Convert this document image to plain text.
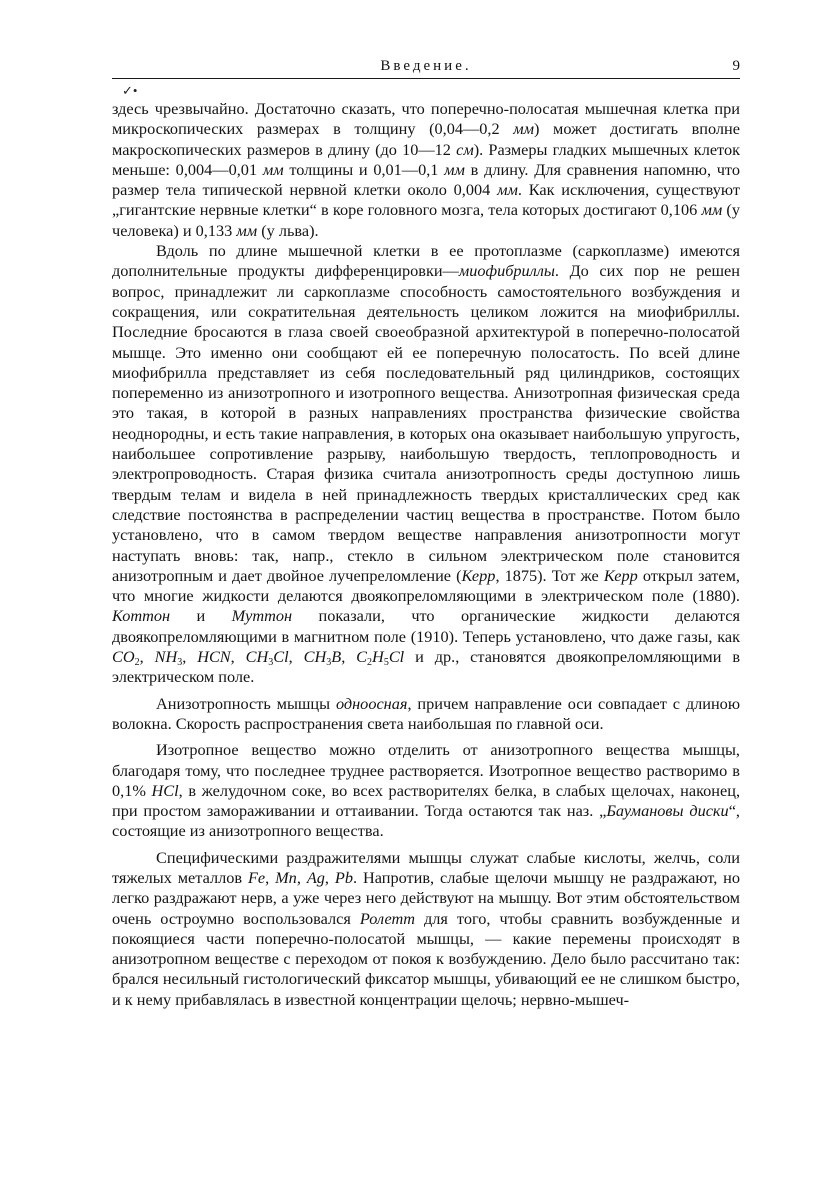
Введение.	9

здесь чрезвычайно. Достаточно сказать, что поперечно-полосатая мышечная клетка при микроскопических размерах в толщину (0,04—0,2 мм) может достигать вполне макроскопических размеров в длину (до 10—12 см). Размеры гладких мышечных клеток меньше: 0,004—0,01 мм толщины и 0,01—0,1 мм в длину. Для сравнения напомню, что размер тела типической нервной клетки около 0,004 мм. Как исключения, существуют „гигантские нервные клетки“ в коре головного мозга, тела которых достигают 0,106 мм (у человека) и 0,133 мм (у льва).

Вдоль по длине мышечной клетки в ее протоплазме (саркоплазме) имеются дополнительные продукты дифференцировки—миофибриллы. До сих пор не решен вопрос, принадлежит ли саркоплазме способность самостоятельного возбуждения и сокращения, или сократительная деятельность целиком ложится на миофибриллы. Последние бросаются в глаза своей своеобразной архитектурой в поперечно-полосатой мышце. Это именно они сообщают ей ее поперечную полосатость. По всей длине миофибрилла представляет из себя последовательный ряд цилиндриков, состоящих попеременно из анизотропного и изотропного вещества. Анизотропная физическая среда это такая, в которой в разных направлениях пространства физические свойства неоднородны, и есть такие направления, в которых она оказывает наибольшую упругость, наибольшее сопротивление разрыву, наибольшую твердость, теплопроводность и электропроводность. Старая физика считала анизотропность среды доступною лишь твердым телам и видела в ней принадлежность твердых кристаллических сред как следствие постоянства в распределении частиц вещества в пространстве. Потом было установлено, что в самом твердом веществе направления анизотропности могут наступать вновь: так, напр., стекло в сильном электрическом поле становится анизотропным и дает двойное лучепреломление (Керр, 1875). Тот же Керр открыл затем, что многие жидкости делаются двоякопреломляющими в электрическом поле (1880). Коттон и Муттон показали, что органические жидкости делаются двоякопреломляющими в магнитном поле (1910). Теперь установлено, что даже газы, как $CO_2$, $NH_3$, HCN, $CH_3Cl$, $CH_3B$, $C_2H_5Cl$ и др., становятся двоякопреломляющими в электрическом поле.

Анизотропность мышцы одноосная, причем направление оси совпадает с длиною волокна. Скорость распространения света наибольшая по главной оси.

Изотропное вещество можно отделить от анизотропного вещества мышцы, благодаря тому, что последнее труднее растворяется. Изотропное вещество растворимо в 0,1% HCl, в желудочном соке, во всех растворителях белка, в слабых щелочах, наконец, при простом замораживании и оттаивании. Тогда остаются так наз. „Баумановы диски“, состоящие из анизотропного вещества.

Специфическими раздражителями мышцы служат слабые кислоты, желчь, соли тяжелых металлов Fe, Mn, Ag, Pb. Напротив, слабые щелочи мышцу не раздражают, но легко раздражают нерв, а уже через него действуют на мышцу. Вот этим обстоятельством очень остроумно воспользовался Ролетт для того, чтобы сравнить возбужденные и покоящиеся части поперечно-полосатой мышцы, — какие перемены происходят в анизотропном веществе с переходом от покоя к возбуждению. Дело было рассчитано так: брался несильный гистологический фиксатор мышцы, убивающий ее не слишком быстро, и к нему прибавлялась в известной концентрации щелочь; нервно-мышеч-

✓•
